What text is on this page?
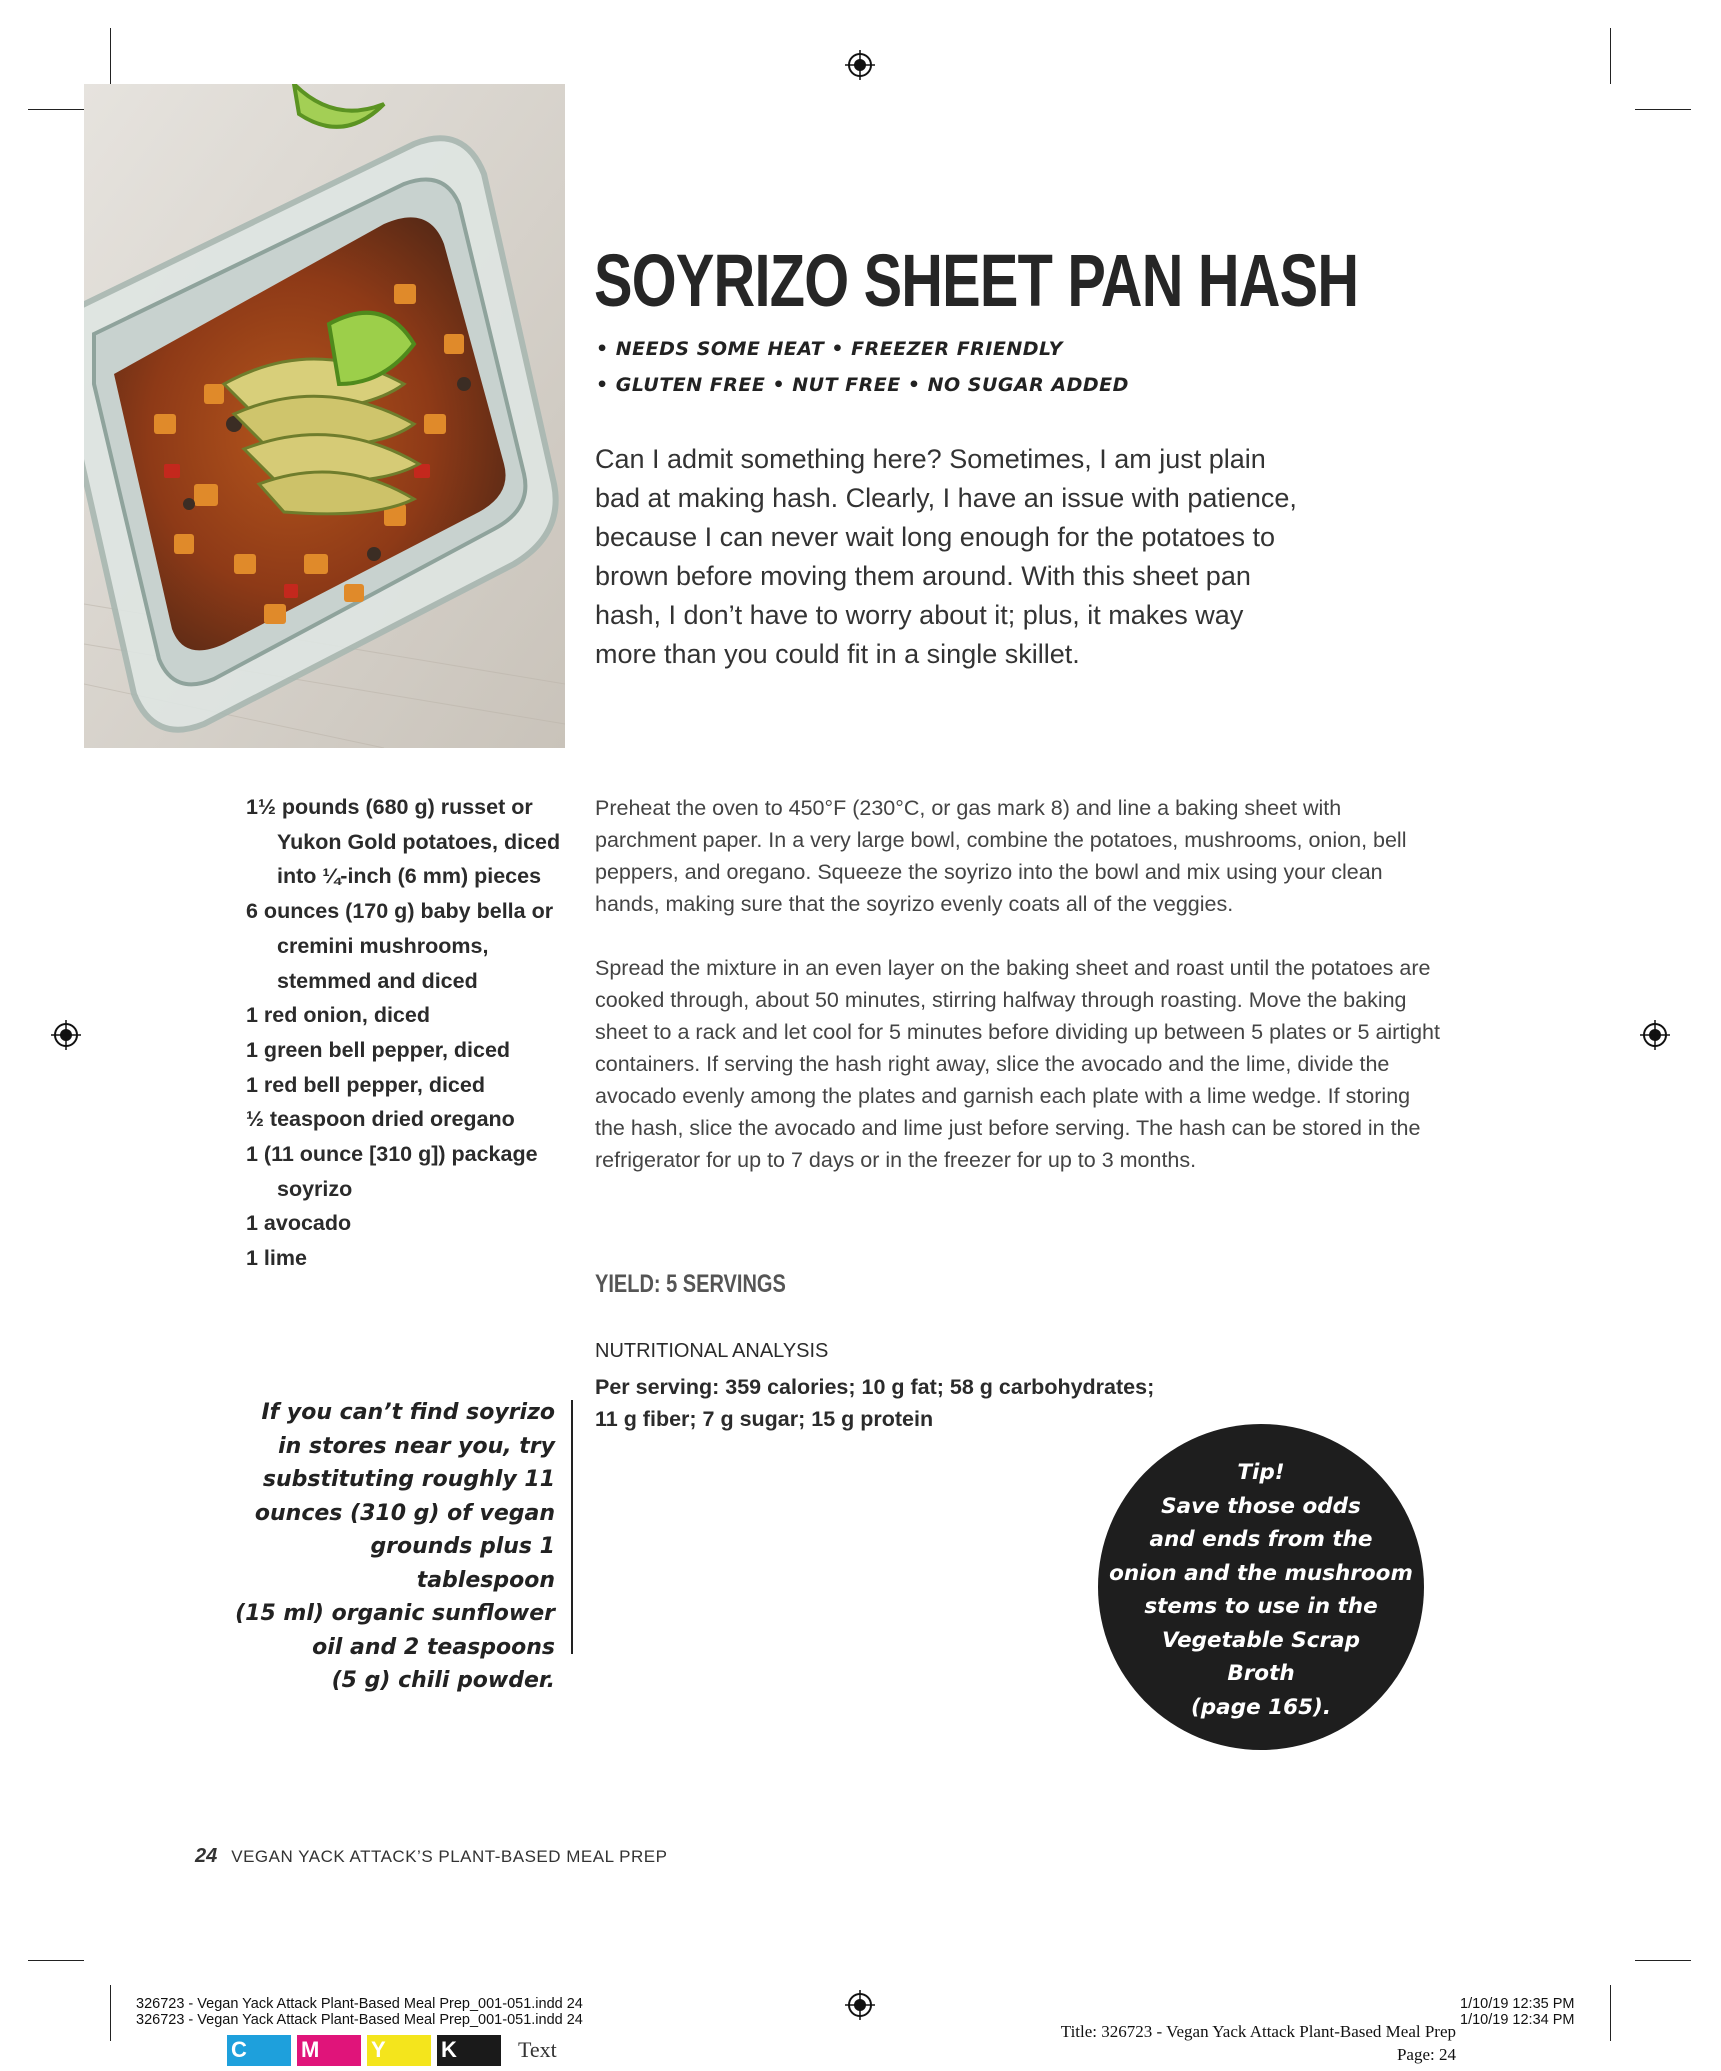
SOYRIZO SHEET PAN HASH
• NEEDS SOME HEAT • FREEZER FRIENDLY
• GLUTEN FREE • NUT FREE • NO SUGAR ADDED
Can I admit something here? Sometimes, I am just plain
bad at making hash. Clearly, I have an issue with patience,
because I can never wait long enough for the potatoes to
brown before moving them around. With this sheet pan
hash, I don’t have to worry about it; plus, it makes way
more than you could fit in a single skillet.
1½ pounds (680 g) russet or Yukon Gold potatoes, diced into ¼-inch (6 mm) pieces
6 ounces (170 g) baby bella or cremini mushrooms, stemmed and diced
1 red onion, diced
1 green bell pepper, diced
1 red bell pepper, diced
½ teaspoon dried oregano
1 (11 ounce [310 g]) package soyrizo
1 avocado
1 lime

Preheat the oven to 450°F (230°C, or gas mark 8) and line a baking sheet with parchment paper. In a very large bowl, combine the potatoes, mushrooms, onion, bell peppers, and oregano. Squeeze the soyrizo into the bowl and mix using your clean hands, making sure that the soyrizo evenly coats all of the veggies.

Spread the mixture in an even layer on the baking sheet and roast until the potatoes are cooked through, about 50 minutes, stirring halfway through roasting. Move the baking sheet to a rack and let cool for 5 minutes before dividing up between 5 plates or 5 airtight containers. If serving the hash right away, slice the avocado and the lime, divide the avocado evenly among the plates and garnish each plate with a lime wedge. If storing the hash, slice the avocado and lime just before serving. The hash can be stored in the refrigerator for up to 7 days or in the freezer for up to 3 months.

YIELD: 5 SERVINGS
NUTRITIONAL ANALYSIS
Per serving: 359 calories; 10 g fat; 58 g carbohydrates;
11 g fiber; 7 g sugar; 15 g protein
If you can’t find soyrizo
in stores near you, try
substituting roughly 11
ounces (310 g) of vegan
grounds plus 1 tablespoon
(15 ml) organic sunflower
oil and 2 teaspoons
(5 g) chili powder.
Tip!
Save those odds
and ends from the
onion and the mushroom
stems to use in the
Vegetable Scrap
Broth
(page 165).
24 VEGAN YACK ATTACK’S PLANT-BASED MEAL PREP
326723 - Vegan Yack Attack Plant-Based Meal Prep_001-051.indd 24
326723 - Vegan Yack Attack Plant-Based Meal Prep_001-051.indd 24
1/10/19 12:35 PM
1/10/19 12:34 PM
Title: 326723 - Vegan Yack Attack Plant-Based Meal Prep
Page: 24
C M Y	K	Text
